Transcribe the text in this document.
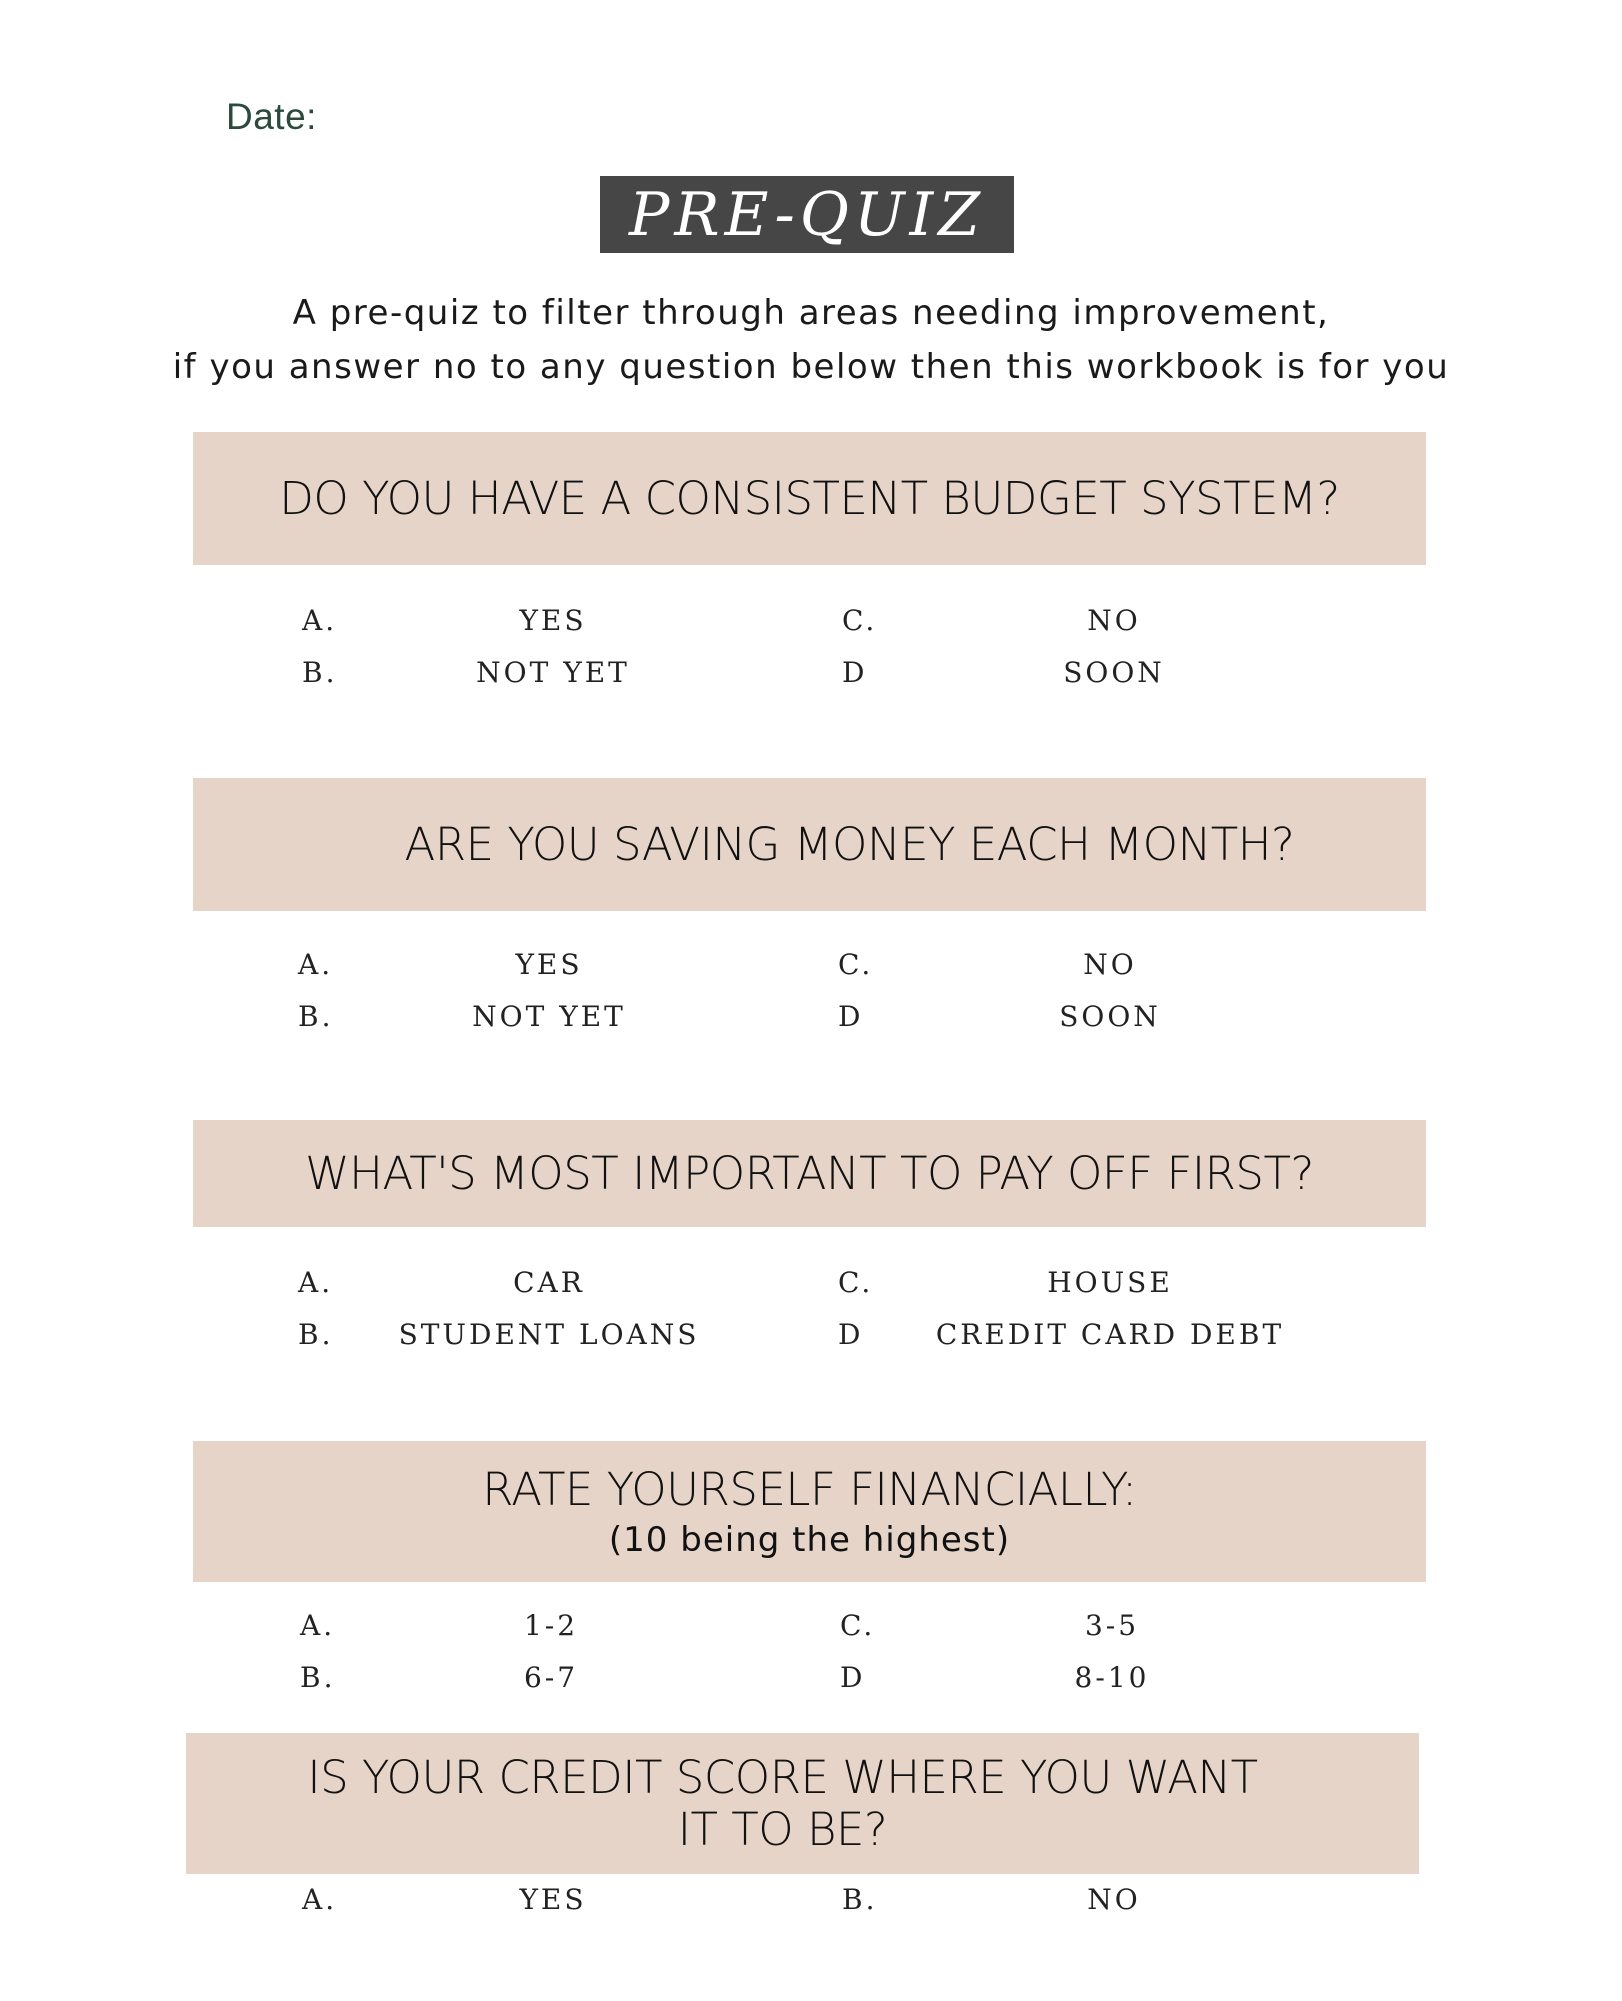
Date:
PRE-QUIZ
A pre-quiz to filter through areas needing improvement,
if you answer no to any question below then this workbook is for you
DO YOU HAVE A CONSISTENT BUDGET SYSTEM?
A.	YES	C.	NO
B.	NOT YET	D	SOON
ARE YOU SAVING MONEY EACH MONTH?
A.	YES	C.	NO
B.	NOT YET	D	SOON
WHAT'S MOST IMPORTANT TO PAY OFF FIRST?
A.	CAR	C.	HOUSE
B. STUDENT LOANS	D	CREDIT CARD DEBT
RATE YOURSELF FINANCIALLY:
(10 being the highest)
A.	1-2	C.	3-5
B.	6-7	D	8-10
IS YOUR CREDIT SCORE WHERE YOU WANT
IT TO BE?
A.	YES	B.	NO
